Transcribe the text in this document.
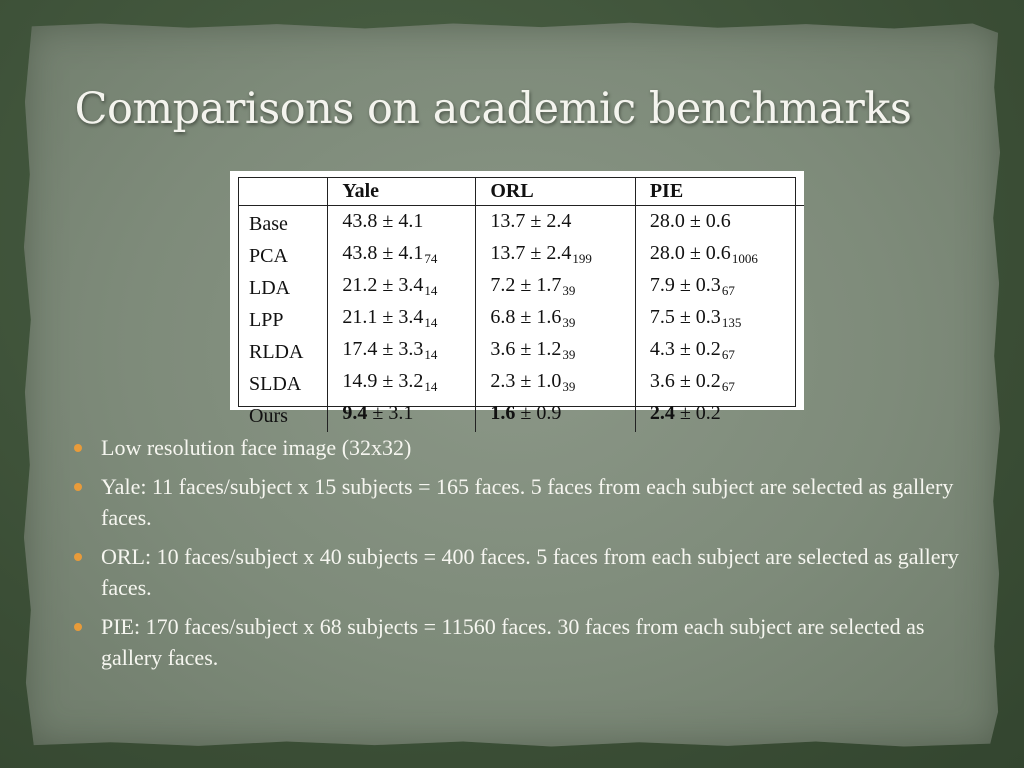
Comparisons on academic benchmarks
	Yale	ORL	PIE
Base	43.8 ± 4.1	13.7 ± 2.4	28.0 ± 0.6
PCA	$43.8 \pm 4.1_{74}$	$13.7 \pm 2.4_{199}$	$28.0 \pm 0.6_{1006}$
LDA	$21.2 \pm 3.4_{14}$	$7.2 \pm 1.7_{39}$	$7.9 \pm 0.3_{67}$
LPP	$21.1 \pm 3.4_{14}$	$6.8 \pm 1.6_{39}$	$7.5 \pm 0.3_{135}$
RLDA	$17.4 \pm 3.3_{14}$	$3.6 \pm 1.2_{39}$	$4.3 \pm 0.2_{67}$
SLDA	$14.9 \pm 3.2_{14}$	$2.3 \pm 1.0_{39}$	$3.6 \pm 0.2_{67}$
Ours	9.4 ± 3.1	1.6 ± 0.9	2.4 ± 0.2
Low resolution face image (32x32)
Yale: 11 faces/subject x 15 subjects = 165 faces. 5 faces from each subject are selected as gallery faces.
ORL: 10 faces/subject x 40 subjects = 400 faces. 5 faces from each subject are selected as gallery faces.
PIE: 170 faces/subject x 68 subjects = 11560 faces. 30 faces from each subject are selected as gallery faces.
